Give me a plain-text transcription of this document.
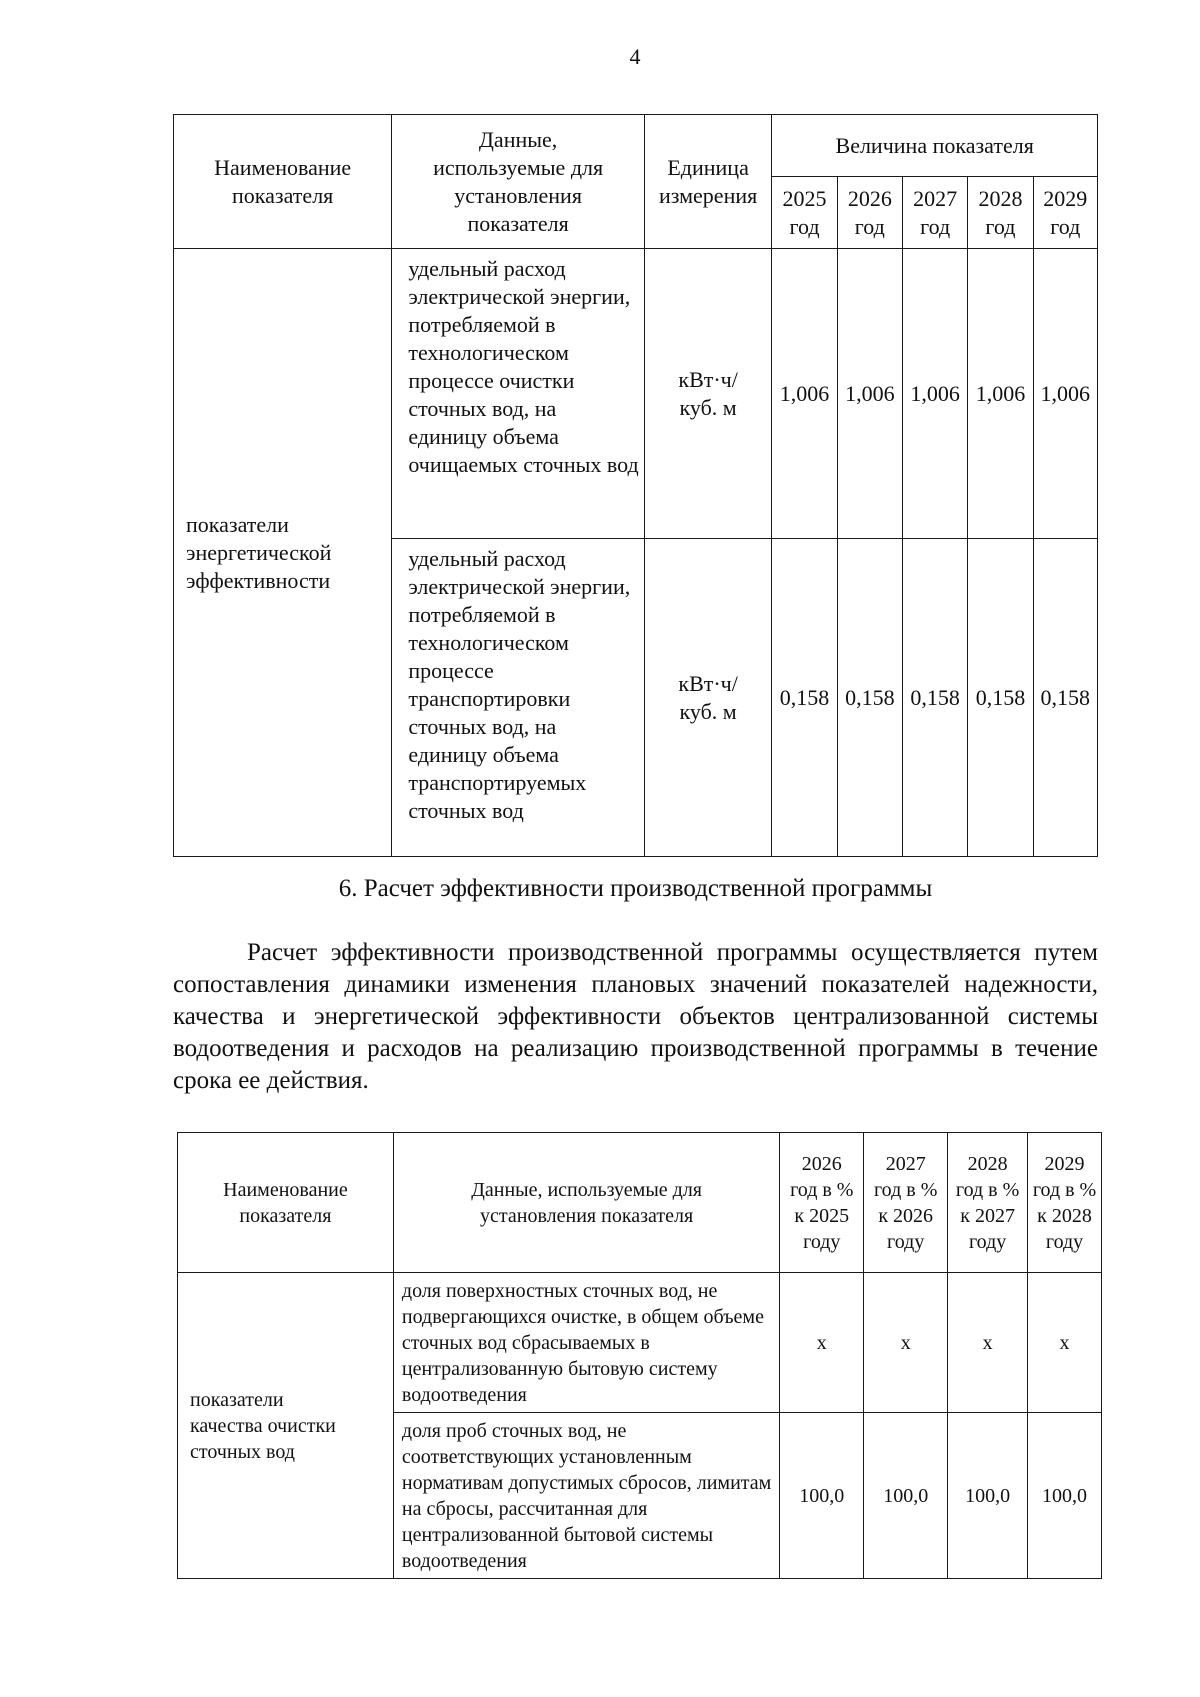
4
Наименование показателя	Данные, используемые для установления показателя	Единица измерения	Величина показателя				
			2025 год	2026 год	2027 год	2028 год	2029 год
показатели энергетической эффективности	удельный расход электрической энергии, потребляемой в технологическом процессе очистки сточных вод, на единицу объема очищаемых сточных вод	кВт·ч/ куб. м	1,006	1,006	1,006	1,006	1,006
	удельный расход электрической энергии, потребляемой в технологическом процессе транспортировки сточных вод, на единицу объема транспортируемых сточных вод	кВт·ч/ куб. м	0,158	0,158	0,158	0,158	0,158
6. Расчет эффективности производственной программы
Расчет эффективности производственной программы осуществляется путем сопоставления динамики изменения плановых значений показателей надежности, качества и энергетической эффективности объектов централизованной системы водоотведения и расходов на реализацию производственной программы в течение срока ее действия.
Наименование показателя	Данные, используемые для установления показателя	2026 год в % к 2025 году	2027 год в % к 2026 году	2028 год в % к 2027 году	2029 год в % к 2028 году
показатели качества очистки сточных вод	доля поверхностных сточных вод, не подвергающихся очистке, в общем объеме сточных вод сбрасываемых в централизованную бытовую систему водоотведения	x	x	x	x
	доля проб сточных вод, не соответствующих установленным нормативам допустимых сбросов, лимитам на сбросы, рассчитанная для централизованной бытовой системы водоотведения	100,0	100,0	100,0	100,0
